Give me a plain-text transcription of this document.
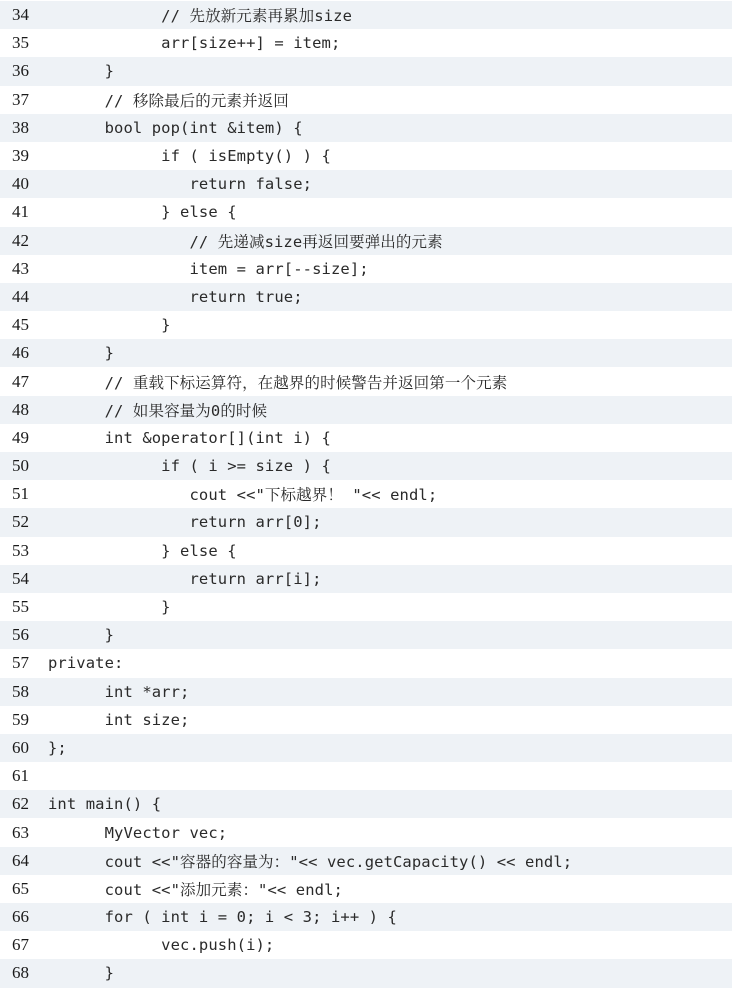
34	// 先放新元素再累加size
35	arr[size++] = item;
36	}
37	// 移除最后的元素并返回
38	bool pop(int &item) {
39	if ( isEmpty() ) {
40	return false;
41	} else {
42	// 先递减size再返回要弹出的元素
43	item = arr[--size];
44	return true;
45	}
46	}
47	// 重载下标运算符，在越界的时候警告并返回第一个元素
48	// 如果容量为0的时候
49	int &operator[](int i) {
50	if ( i >= size ) {
51	cout <<"下标越界！ "<< endl;
52	return arr[0];
53	} else {
54	return arr[i];
55	}
56	}
57	private:
58	int *arr;
59	int size;
60	};
61
62	int main() {
63	MyVector vec;
64	cout <<"容器的容量为："<< vec.getCapacity() << endl;
65	cout <<"添加元素："<< endl;
66	for ( int i = 0; i < 3; i++ ) {
67	vec.push(i);
68	}
